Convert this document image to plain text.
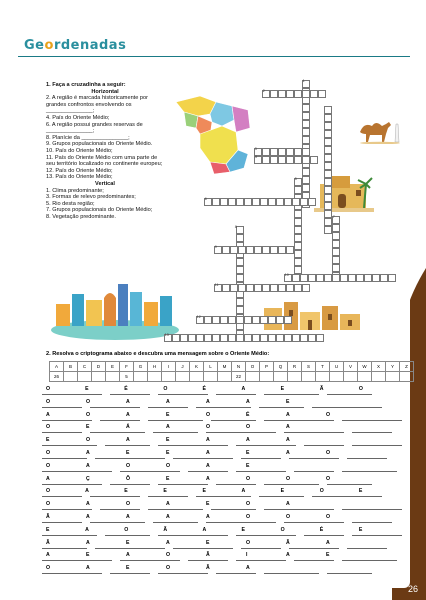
Geordenadas

1. Faça a cruzadinha a seguir:

Horizontal

2. A região é marcada historicamente por grandes confrontos envolvendo os _______________;

4. País do Oriente Médio;

6. A região possui grandes reservas de _______________;

8. Planície da _______________;

9. Grupos populacionais do Oriente Médio.

10. País do Oriente Médio;

11. País do Oriente Médio com uma parte de seu território localizado no continente europeu;

12. País do Oriente Médio;

13. País do Oriente Médio;

Vertical

1. Clima predominante;

3. Formas de relevo predominantes;

5. Rio desta região;

7. Grupos populacionais do Oriente Médio;

8. Vegetação predominante.

1
2
3
4
5
6
7
8
9
10
11
12
13
2. Resolva o criptograma abaixo e descubra uma mensagem sobre o Oriente Médio:
A	B	C	D	E	F	G	H	I	J	K	L	M	N	O	P	Q	R	S	T	U	V	W	X	Y	Z
26					5								22												
O	E	É	O	É	A	E	Ã	O
O	O	A	A	A	A	E
A	O	A	E	O	É	A	O
O	E	Á	A	O	O	A
E	O	A	E	A	A	A
O	A	E	E	A	E	A	O
O	A	O	O	A	E
A	Ç	Õ	E	A	O	O	O
O	A	E	E	E	A	E	O	E
O	A	O	A	E	O	A
Ã	A	A	A	A	O	O	O
E	A	O	Ã	A	E	O	É	E
Ã	A	E	A	E	O	Ã	A
A	E	A	O	Ã	I	A	E
O	A	E	O	Ã	A
26
